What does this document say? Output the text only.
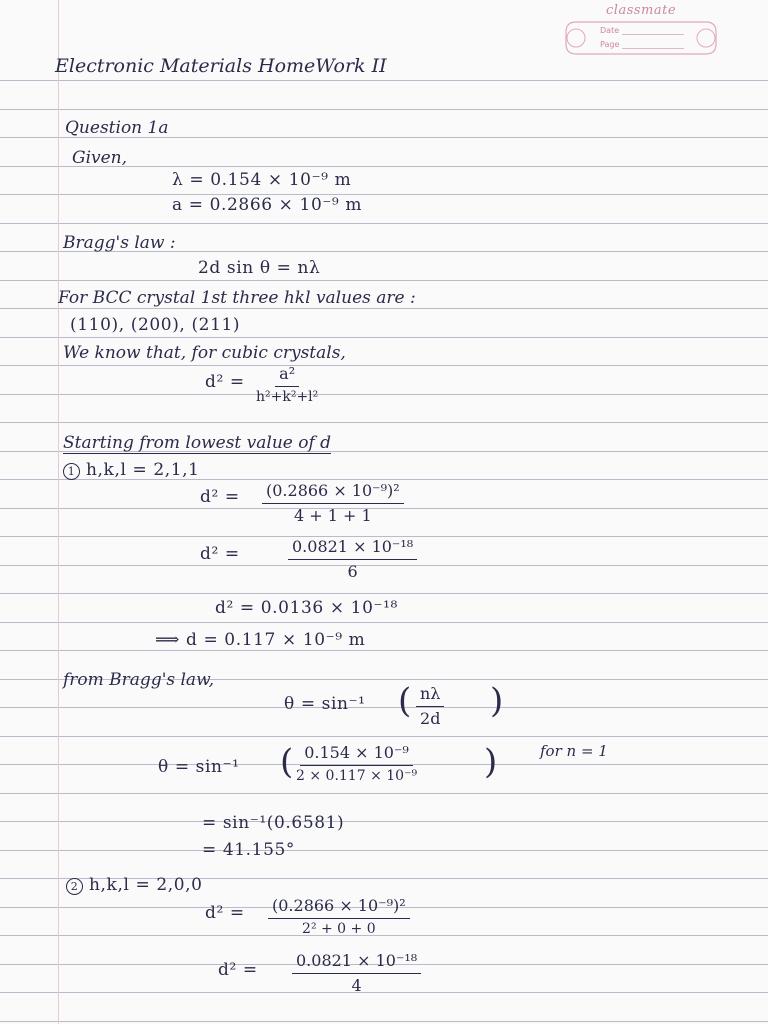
classmate
Date
Page
Electronic Materials HomeWork II
Question 1a
Given,
λ = 0.154 × 10⁻⁹ m
a = 0.2866 × 10⁻⁹ m
Bragg's law :
2d sin θ = nλ
For BCC crystal 1st three hkl values are :
(110), (200), (211)
We know that, for cubic crystals,
$d^2 = \frac{\text{a²}}{\text{h²+k²+l²}}$
Starting from lowest value of d
1 h,k,l = 2,1,1
$d^2 = \frac{\text{(0.2866 × 10⁻⁹)²}}{4 + 1 + 1}$
d² =	$\frac{\text{0.0821 × 10⁻¹⁸}}{6}$
d² = 0.0136 × 10⁻¹⁸
⟹ d = 0.117 × 10⁻⁹ m
from Bragg's law,
θ = sin⁻¹ ( $\frac{n\lambda}{2d}$ )
θ = sin⁻¹ ( $\frac{\text{0.154 × 10⁻⁹}}{\text{2 × 0.117 × 10⁻⁹}}$ )	for n = 1
= sin⁻¹(0.6581)
= 41.155°
2 h,k,l = 2,0,0
$d^2 = \frac{\text{(0.2866 × 10⁻⁹)²}}{\text{2² + 0 + 0}}$
$d^2 = \frac{\text{0.0821 × 10⁻¹⁸}}{4}$
